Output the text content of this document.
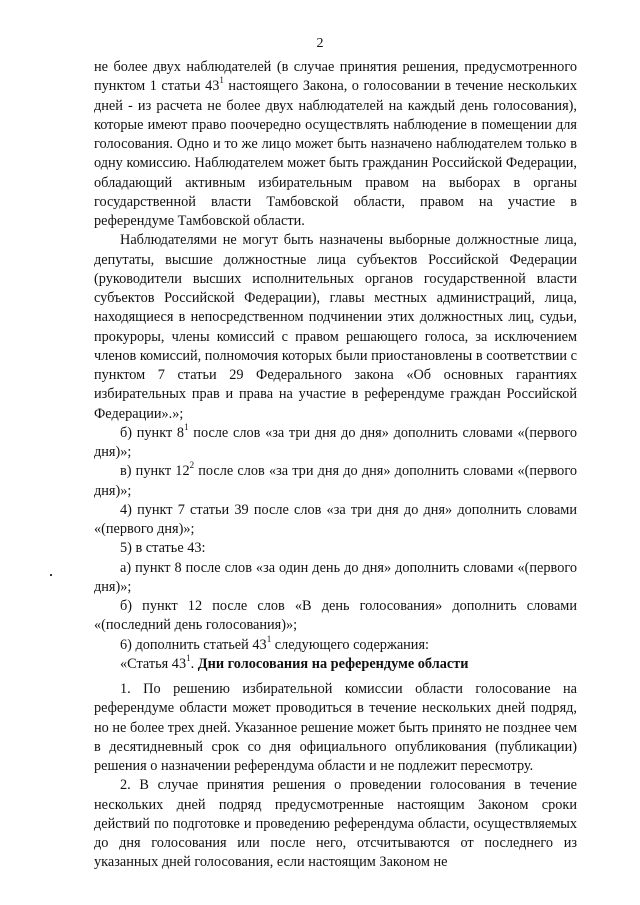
2

не более двух наблюдателей (в случае принятия решения, предусмотренного пунктом 1 статьи $43^1$ настоящего Закона, о голосовании в течение нескольких дней - из расчета не более двух наблюдателей на каждый день голосования), которые имеют право поочередно осуществлять наблюдение в помещении для голосования. Одно и то же лицо может быть назначено наблюдателем только в одну комиссию. Наблюдателем может быть гражданин Российской Федерации, обладающий активным избирательным правом на выборах в органы государственной власти Тамбовской области, правом на участие в референдуме Тамбовской области.

Наблюдателями не могут быть назначены выборные должностные лица, депутаты, высшие должностные лица субъектов Российской Федерации (руководители высших исполнительных органов государственной власти субъектов Российской Федерации), главы местных администраций, лица, находящиеся в непосредственном подчинении этих должностных лиц, судьи, прокуроры, члены комиссий с правом решающего голоса, за исключением членов комиссий, полномочия которых были приостановлены в соответствии с пунктом 7 статьи 29 Федерального закона «Об основных гарантиях избирательных прав и права на участие в референдуме граждан Российской Федерации».»;

б) пункт $8^1$ после слов «за три дня до дня» дополнить словами «(первого дня)»;

в) пункт $12^2$ после слов «за три дня до дня» дополнить словами «(первого дня)»;

4) пункт 7 статьи 39 после слов «за три дня до дня» дополнить словами «(первого дня)»;

5) в статье 43:

а) пункт 8 после слов «за один день до дня» дополнить словами «(первого дня)»;

б) пункт 12 после слов «В день голосования» дополнить словами «(последний день голосования)»;

6) дополнить статьей $43^1$ следующего содержания:

«Статья $43^1$. Дни голосования на референдуме области

1. По решению избирательной комиссии области голосование на референдуме области может проводиться в течение нескольких дней подряд, но не более трех дней. Указанное решение может быть принято не позднее чем в десятидневный срок со дня официального опубликования (публикации) решения о назначении референдума области и не подлежит пересмотру.

2. В случае принятия решения о проведении голосования в течение нескольких дней подряд предусмотренные настоящим Законом сроки действий по подготовке и проведению референдума области, осуществляемых до дня голосования или после него, отсчитываются от последнего из указанных дней голосования, если настоящим Законом не
